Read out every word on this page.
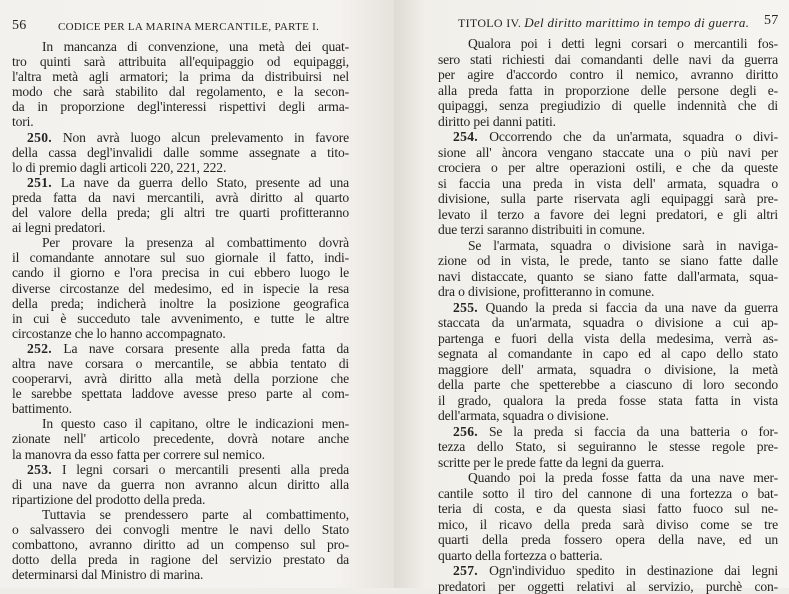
56	CODICE PER LA MARINA MERCANTILE, PARTE I.
In mancanza di convenzione, una metà dei quat-
tro quinti sarà attribuita all'equipaggio od equipaggi,
l'altra metà agli armatori; la prima da distribuirsi nel
modo che sarà stabilito dal regolamento, e la secon-
da in proporzione degl'interessi rispettivi degli arma-
tori.
250. Non avrà luogo alcun prelevamento in favore
della cassa degl'invalidi dalle somme assegnate a tito-
lo di premio dagli articoli 220, 221, 222.
251. La nave da guerra dello Stato, presente ad una
preda fatta da navi mercantili, avrà diritto al quarto
del valore della preda; gli altri tre quarti profitteranno
ai legni predatori.
Per provare la presenza al combattimento dovrà
il comandante annotare sul suo giornale il fatto, indi-
cando il giorno e l'ora precisa in cui ebbero luogo le
diverse circostanze del medesimo, ed in ispecie la resa
della preda; indicherà inoltre la posizione geografica
in cui è succeduto tale avvenimento, e tutte le altre
circostanze che lo hanno accompagnato.
252. La nave corsara presente alla preda fatta da
altra nave corsara o mercantile, se abbia tentato di
cooperarvi, avrà diritto alla metà della porzione che
le sarebbe spettata laddove avesse preso parte al com-
battimento.
In questo caso il capitano, oltre le indicazioni men-
zionate nell' articolo precedente, dovrà notare anche
la manovra da esso fatta per correre sul nemico.
253. I legni corsari o mercantili presenti alla preda
di una nave da guerra non avranno alcun diritto alla
ripartizione del prodotto della preda.
Tuttavia se prendessero parte al combattimento,
o salvassero dei convogli mentre le navi dello Stato
combattono, avranno diritto ad un compenso sul pro-
dotto della preda in ragione del servizio prestato da
determinarsi dal Ministro di marina.
TITOLO IV. Del diritto marittimo in tempo di guerra. 57
Qualora poi i detti legni corsari o mercantili fos-
sero stati richiesti dai comandanti delle navi da guerra
per agire d'accordo contro il nemico, avranno diritto
alla preda fatta in proporzione delle persone degli e-
quipaggi, senza pregiudizio di quelle indennità che di
diritto pei danni patiti.
254. Occorrendo che da un'armata, squadra o divi-
sione all' àncora vengano staccate una o più navi per
crociera o per altre operazioni ostili, e che da queste
si faccia una preda in vista dell' armata, squadra o
divisione, sulla parte riservata agli equipaggi sarà pre-
levato il terzo a favore dei legni predatori, e gli altri
due terzi saranno distribuiti in comune.
Se l'armata, squadra o divisione sarà in naviga-
zione od in vista, le prede, tanto se siano fatte dalle
navi distaccate, quanto se siano fatte dall'armata, squa-
dra o divisione, profitteranno in comune.
255. Quando la preda si faccia da una nave da guerra
staccata da un'armata, squadra o divisione a cui ap-
partenga e fuori della vista della medesima, verrà as-
segnata al comandante in capo ed al capo dello stato
maggiore dell' armata, squadra o divisione, la metà
della parte che spetterebbe a ciascuno di loro secondo
il grado, qualora la preda fosse stata fatta in vista
dell'armata, squadra o divisione.
256. Se la preda si faccia da una batteria o for-
tezza dello Stato, si seguiranno le stesse regole pre-
scritte per le prede fatte da legni da guerra.
Quando poi la preda fosse fatta da una nave mer-
cantile sotto il tiro del cannone di una fortezza o bat-
teria di costa, e da questa siasi fatto fuoco sul ne-
mico, il ricavo della preda sarà diviso come se tre
quarti della preda fossero opera della nave, ed un
quarto della fortezza o batteria.
257. Ogn'individuo spedito in destinazione dai legni
predatori per oggetti relativi al servizio, purchè con-
